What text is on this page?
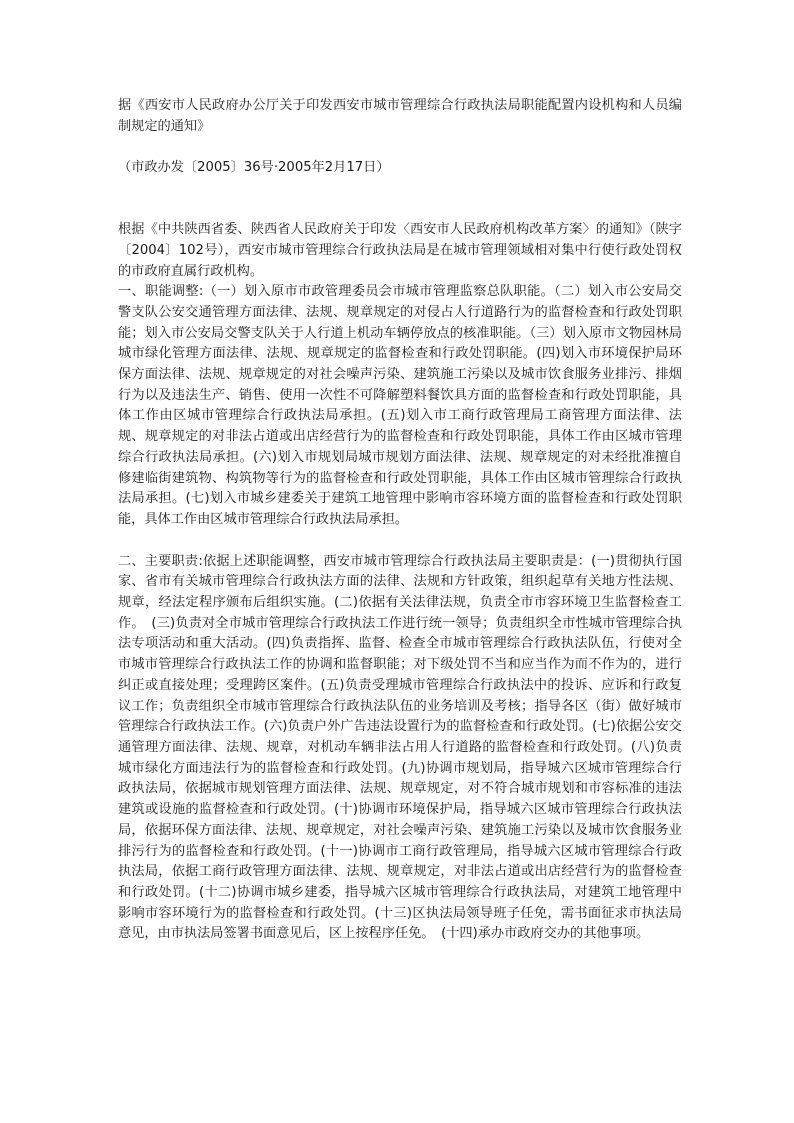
据《西安市人民政府办公厅关于印发西安市城市管理综合行政执法局职能配置内设机构和人员编制规定的通知》

（市政办发〔2005〕36号·2005年2月17日）

根据《中共陕西省委、陕西省人民政府关于印发〈西安市人民政府机构改革方案〉的通知》（陕字〔2004〕102号），西安市城市管理综合行政执法局是在城市管理领域相对集中行使行政处罚权的市政府直属行政机构。

一、职能调整:（一）划入原市市政管理委员会市城市管理监察总队职能。（二）划入市公安局交警支队公安交通管理方面法律、法规、规章规定的对侵占人行道路行为的监督检查和行政处罚职能；划入市公安局交警支队关于人行道上机动车辆停放点的核准职能。（三）划入原市文物园林局城市绿化管理方面法律、法规、规章规定的监督检查和行政处罚职能。(四)划入市环境保护局环保方面法律、法规、规章规定的对社会噪声污染、建筑施工污染以及城市饮食服务业排污、排烟行为以及违法生产、销售、使用一次性不可降解塑料餐饮具方面的监督检查和行政处罚职能，具体工作由区城市管理综合行政执法局承担。(五)划入市工商行政管理局工商管理方面法律、法规、规章规定的对非法占道或出店经营行为的监督检查和行政处罚职能，具体工作由区城市管理综合行政执法局承担。(六)划入市规划局城市规划方面法律、法规、规章规定的对未经批准擅自修建临街建筑物、构筑物等行为的监督检查和行政处罚职能，具体工作由区城市管理综合行政执法局承担。(七)划入市城乡建委关于建筑工地管理中影响市容环境方面的监督检查和行政处罚职能，具体工作由区城市管理综合行政执法局承担。

二、主要职责:依据上述职能调整，西安市城市管理综合行政执法局主要职责是：(一)贯彻执行国家、省市有关城市管理综合行政执法方面的法律、法规和方针政策，组织起草有关地方性法规、规章，经法定程序颁布后组织实施。(二)依据有关法律法规，负责全市市容环境卫生监督检查工作。　(三)负责对全市城市管理综合行政执法工作进行统一领导；负责组织全市性城市管理综合执法专项活动和重大活动。(四)负责指挥、监督、检查全市城市管理综合行政执法队伍，行使对全市城市管理综合行政执法工作的协调和监督职能；对下级处罚不当和应当作为而不作为的，进行纠正或直接处理；受理跨区案件。(五)负责受理城市管理综合行政执法中的投诉、应诉和行政复议工作；负责组织全市城市管理综合行政执法队伍的业务培训及考核；指导各区（街）做好城市管理综合行政执法工作。(六)负责户外广告违法设置行为的监督检查和行政处罚。(七)依据公安交通管理方面法律、法规、规章，对机动车辆非法占用人行道路的监督检查和行政处罚。(八)负责城市绿化方面违法行为的监督检查和行政处罚。(九)协调市规划局，指导城六区城市管理综合行政执法局，依据城市规划管理方面法律、法规、规章规定，对不符合城市规划和市容标准的违法建筑或设施的监督检查和行政处罚。(十)协调市环境保护局，指导城六区城市管理综合行政执法局，依据环保方面法律、法规、规章规定，对社会噪声污染、建筑施工污染以及城市饮食服务业排污行为的监督检查和行政处罚。(十一)协调市工商行政管理局，指导城六区城市管理综合行政执法局，依据工商行政管理方面法律、法规、规章规定，对非法占道或出店经营行为的监督检查和行政处罚。(十二)协调市城乡建委，指导城六区城市管理综合行政执法局，对建筑工地管理中影响市容环境行为的监督检查和行政处罚。(十三)区执法局领导班子任免，需书面征求市执法局意见，由市执法局签署书面意见后，区上按程序任免。　(十四)承办市政府交办的其他事项。
